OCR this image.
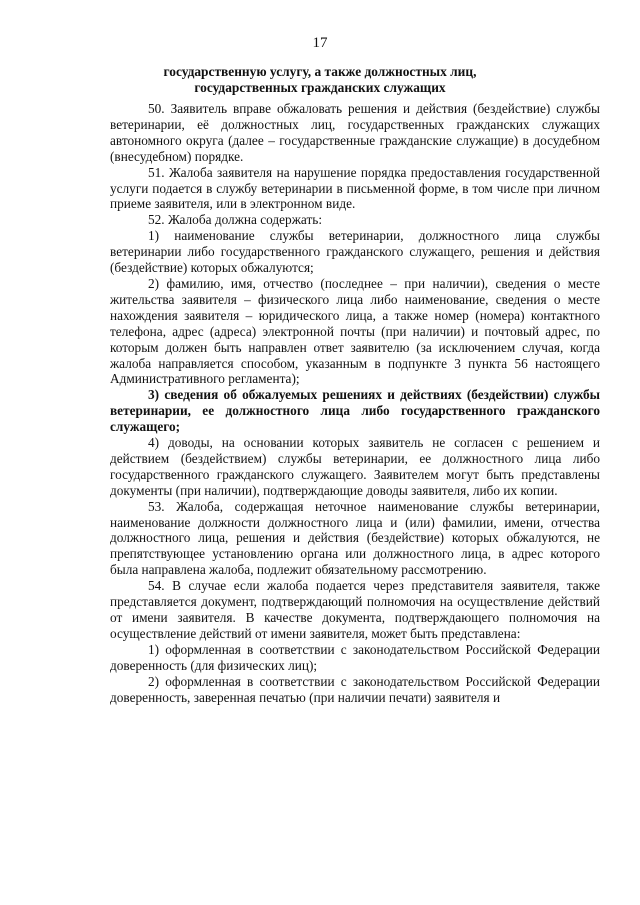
17
государственную услугу, а также должностных лиц,
государственных гражданских служащих

50. Заявитель вправе обжаловать решения и действия (бездействие) службы ветеринарии, её должностных лиц, государственных гражданских служащих автономного округа (далее – государственные гражданские служащие) в досудебном (внесудебном) порядке.

51. Жалоба заявителя на нарушение порядка предоставления государственной услуги подается в службу ветеринарии в письменной форме, в том числе при личном приеме заявителя, или в электронном виде.

52. Жалоба должна содержать:

1) наименование службы ветеринарии, должностного лица службы ветеринарии либо государственного гражданского служащего, решения и действия (бездействие) которых обжалуются;

2) фамилию, имя, отчество (последнее – при наличии), сведения о месте жительства заявителя – физического лица либо наименование, сведения о месте нахождения заявителя – юридического лица, а также номер (номера) контактного телефона, адрес (адреса) электронной почты (при наличии) и почтовый адрес, по которым должен быть направлен ответ заявителю (за исключением случая, когда жалоба направляется способом, указанным в подпункте 3 пункта 56 настоящего Административного регламента);

3) сведения об обжалуемых решениях и действиях (бездействии) службы ветеринарии, ее должностного лица либо государственного гражданского служащего;

4) доводы, на основании которых заявитель не согласен с решением и действием (бездействием) службы ветеринарии, ее должностного лица либо государственного гражданского служащего. Заявителем могут быть представлены документы (при наличии), подтверждающие доводы заявителя, либо их копии.

53. Жалоба, содержащая неточное наименование службы ветеринарии, наименование должности должностного лица и (или) фамилии, имени, отчества должностного лица, решения и действия (бездействие) которых обжалуются, не препятствующее установлению органа или должностного лица, в адрес которого была направлена жалоба, подлежит обязательному рассмотрению.

54. В случае если жалоба подается через представителя заявителя, также представляется документ, подтверждающий полномочия на осуществление действий от имени заявителя. В качестве документа, подтверждающего полномочия на осуществление действий от имени заявителя, может быть представлена:

1) оформленная в соответствии с законодательством Российской Федерации доверенность (для физических лиц);

2) оформленная в соответствии с законодательством Российской Федерации доверенность, заверенная печатью (при наличии печати) заявителя и
